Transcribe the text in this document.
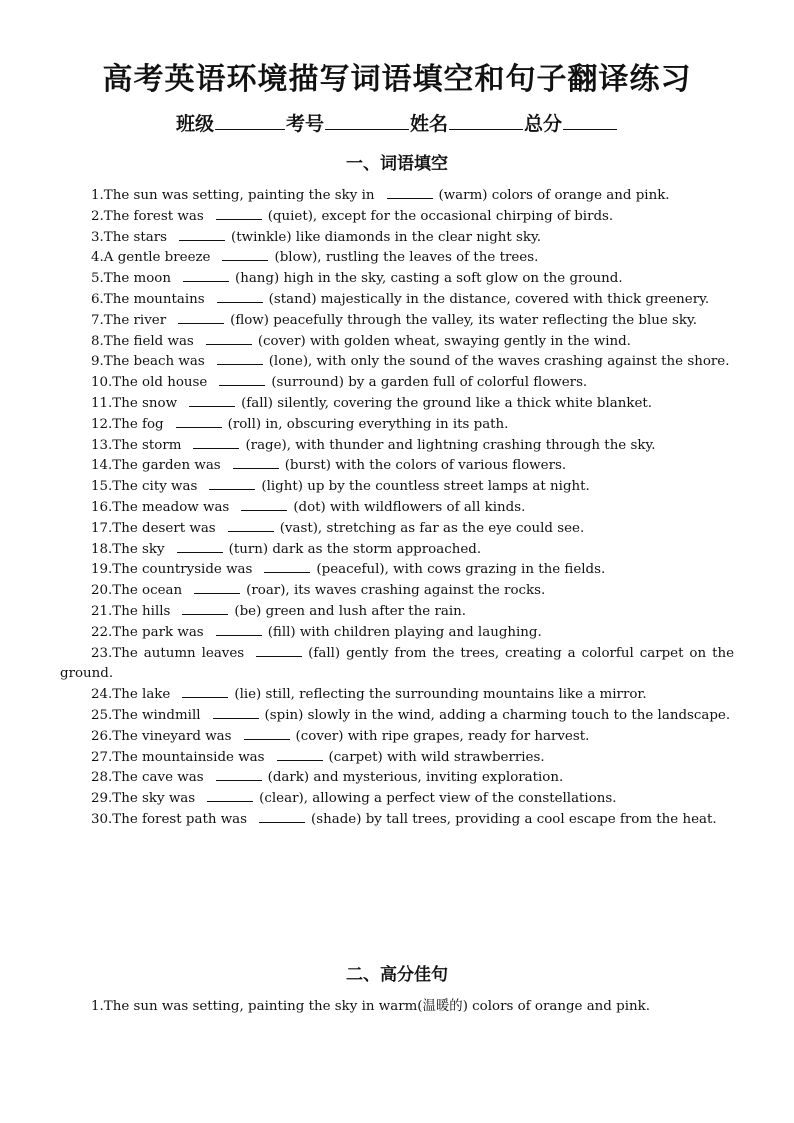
高考英语环境描写词语填空和句子翻译练习
班级	考号	姓名	总分
一、词语填空

1.The sun was setting, painting the sky in	(warm) colors of orange and pink.

2.The forest was	(quiet), except for the occasional chirping of birds.

3.The stars	(twinkle) like diamonds in the clear night sky.

4.A gentle breeze	(blow), rustling the leaves of the trees.

5.The moon	(hang) high in the sky, casting a soft glow on the ground.

6.The mountains	(stand) majestically in the distance, covered with thick greenery.

7.The river	(flow) peacefully through the valley, its water reflecting the blue sky.

8.The field was	(cover) with golden wheat, swaying gently in the wind.

9.The beach was	(lone), with only the sound of the waves crashing against the shore.

10.The old house	(surround) by a garden full of colorful flowers.

11.The snow	(fall) silently, covering the ground like a thick white blanket.

12.The fog	(roll) in, obscuring everything in its path.

13.The storm	(rage), with thunder and lightning crashing through the sky.

14.The garden was	(burst) with the colors of various flowers.

15.The city was	(light) up by the countless street lamps at night.

16.The meadow was	(dot) with wildflowers of all kinds.

17.The desert was	(vast), stretching as far as the eye could see.

18.The sky	(turn) dark as the storm approached.

19.The countryside was	(peaceful), with cows grazing in the fields.

20.The ocean	(roar), its waves crashing against the rocks.

21.The hills	(be) green and lush after the rain.

22.The park was	(fill) with children playing and laughing.

23.The autumn leaves	(fall) gently from the trees, creating a colorful carpet on the ground.

24.The lake	(lie) still, reflecting the surrounding mountains like a mirror.

25.The windmill	(spin) slowly in the wind, adding a charming touch to the landscape.

26.The vineyard was	(cover) with ripe grapes, ready for harvest.

27.The mountainside was	(carpet) with wild strawberries.

28.The cave was	(dark) and mysterious, inviting exploration.

29.The sky was	(clear), allowing a perfect view of the constellations.

30.The forest path was	(shade) by tall trees, providing a cool escape from the heat.

二、高分佳句
1.The sun was setting, painting the sky in warm(温暖的) colors of orange and pink.
